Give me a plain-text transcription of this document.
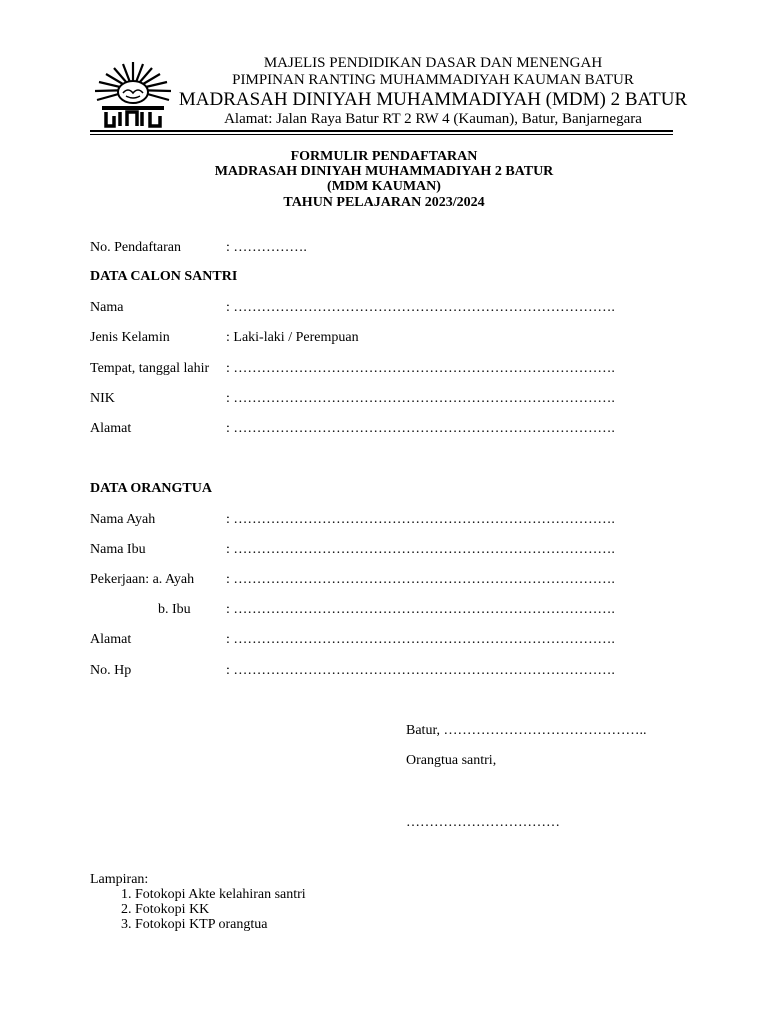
MAJELIS PENDIDIKAN DASAR DAN MENENGAH
PIMPINAN RANTING MUHAMMADIYAH KAUMAN BATUR
MADRASAH DINIYAH MUHAMMADIYAH (MDM) 2 BATUR
Alamat: Jalan Raya Batur RT 2 RW 4 (Kauman), Batur, Banjarnegara
FORMULIR PENDAFTARAN
MADRASAH DINIYAH MUHAMMADIYAH 2 BATUR
(MDM KAUMAN)
TAHUN PELAJARAN 2023/2024
No. Pendaftaran	: …………….
DATA CALON SANTRI
Nama	: ……………………………………………………………………….
Jenis Kelamin	: Laki-laki / Perempuan
Tempat, tanggal lahir : ……………………………………………………………………….
NIK	: ……………………………………………………………………….
Alamat	: ……………………………………………………………………….
DATA ORANGTUA
Nama Ayah	: ……………………………………………………………………….
Nama Ibu	: ……………………………………………………………………….
Pekerjaan: a. Ayah : ……………………………………………………………………….
b. Ibu	: ……………………………………………………………………….
Alamat	: ……………………………………………………………………….
No. Hp	: ……………………………………………………………………….
Batur, ……………………………………..
Orangtua santri,
……………………………
Lampiran:
1. Fotokopi Akte kelahiran santri
2. Fotokopi KK
3. Fotokopi KTP orangtua
